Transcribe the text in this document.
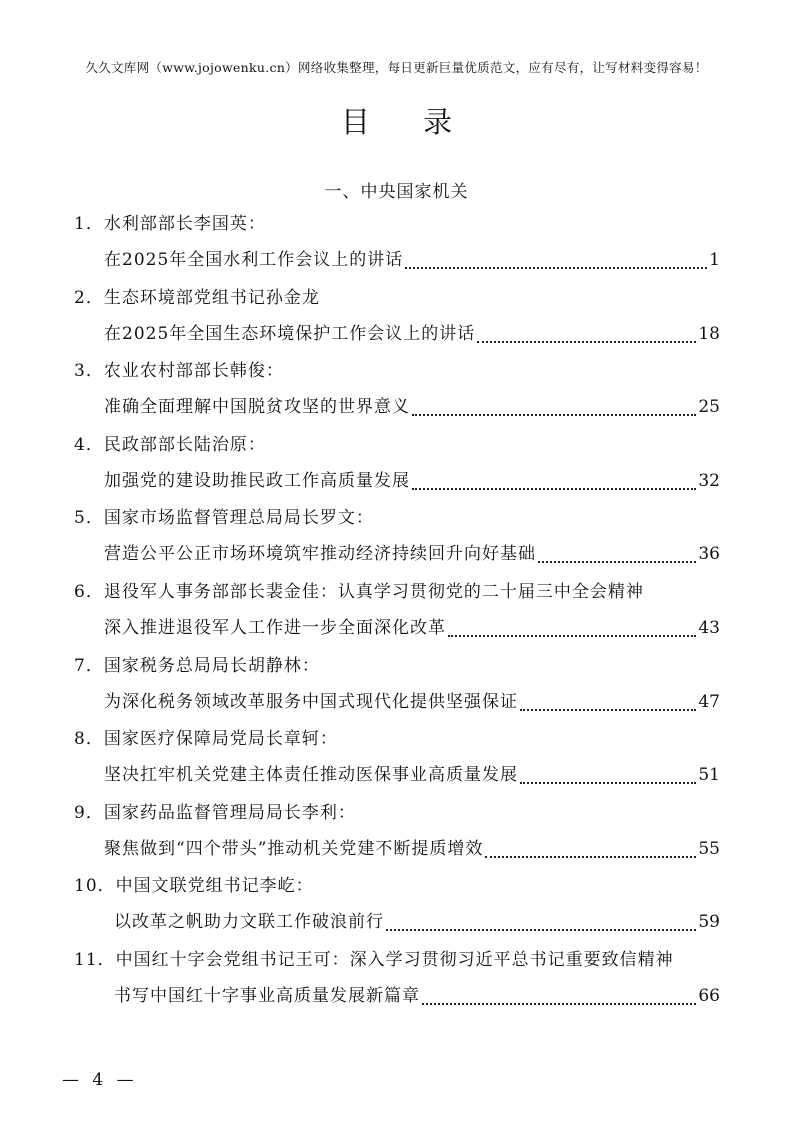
久久文库网（www.jojowenku.cn）网络收集整理，每日更新巨量优质范文，应有尽有，让写材料变得容易！
目 录
一、中央国家机关
1．水利部部长李国英：
在2025年全国水利工作会议上的讲话	1
2．生态环境部党组书记孙金龙
在2025年全国生态环境保护工作会议上的讲话	18
3．农业农村部部长韩俊：
准确全面理解中国脱贫攻坚的世界意义	25
4．民政部部长陆治原：
加强党的建设助推民政工作高质量发展	32
5．国家市场监督管理总局局长罗文：
营造公平公正市场环境筑牢推动经济持续回升向好基础	36
6．退役军人事务部部长裴金佳：认真学习贯彻党的二十届三中全会精神
深入推进退役军人工作进一步全面深化改革	43
7．国家税务总局局长胡静林：
为深化税务领域改革服务中国式现代化提供坚强保证	47
8．国家医疗保障局党局长章轲：
坚决扛牢机关党建主体责任推动医保事业高质量发展	51
9．国家药品监督管理局局长李利：
聚焦做到“四个带头”推动机关党建不断提质增效	55
10．中国文联党组书记李屹：
以改革之帆助力文联工作破浪前行	59
11．中国红十字会党组书记王可：深入学习贯彻习近平总书记重要致信精神
书写中国红十字事业高质量发展新篇章	66
— 4 —
